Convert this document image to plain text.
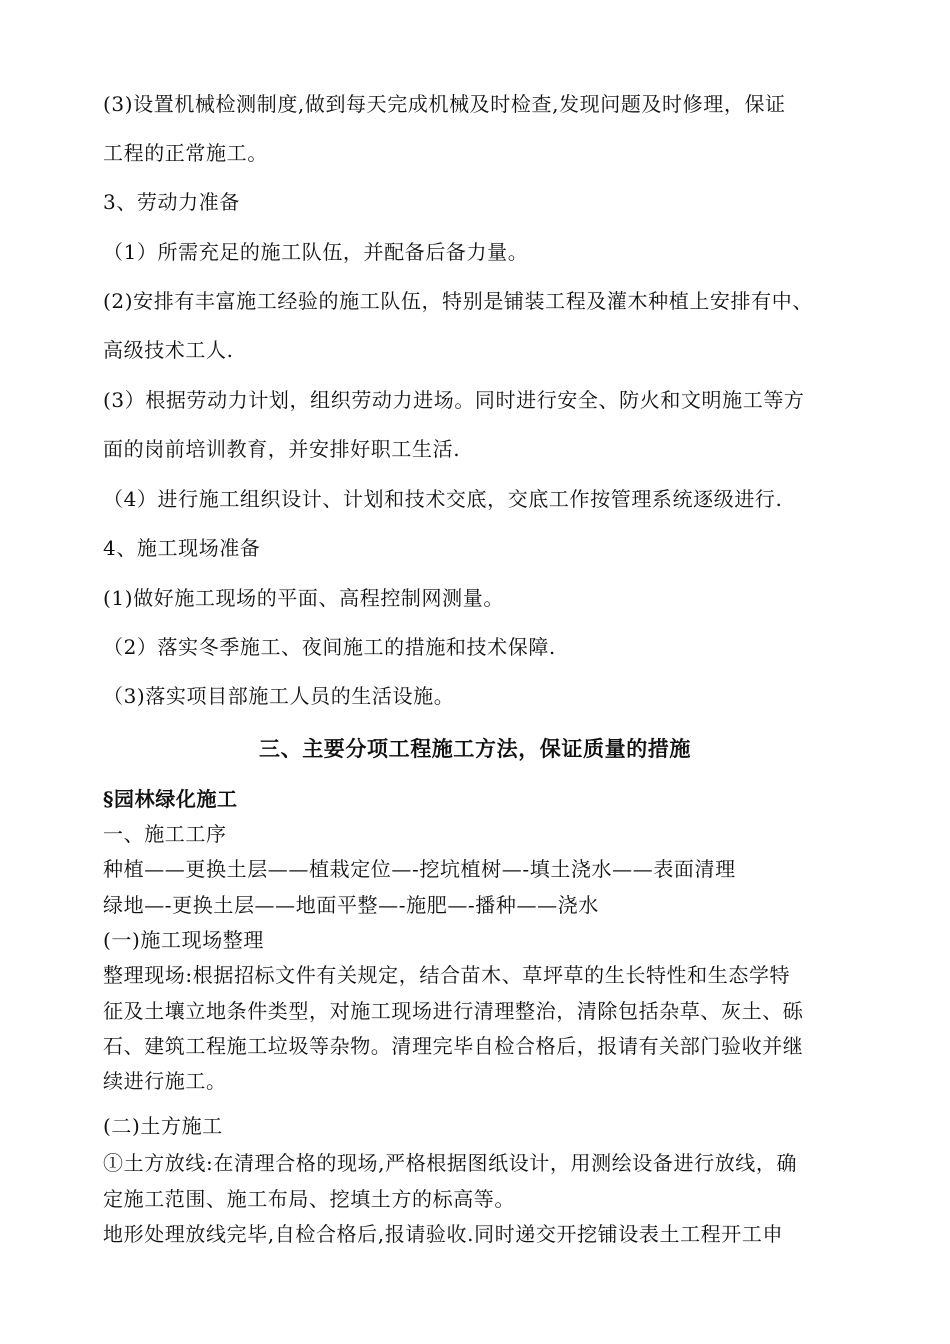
(3)设置机械检测制度,做到每天完成机械及时检查,发现问题及时修理，保证
工程的正常施工。
3、劳动力准备
（1）所需充足的施工队伍，并配备后备力量。
(2)安排有丰富施工经验的施工队伍，特别是铺装工程及灌木种植上安排有中、
高级技术工人.
(3）根据劳动力计划，组织劳动力进场。同时进行安全、防火和文明施工等方
面的岗前培训教育，并安排好职工生活.
（4）进行施工组织设计、计划和技术交底，交底工作按管理系统逐级进行.
4、施工现场准备
(1)做好施工现场的平面、高程控制网测量。
（2）落实冬季施工、夜间施工的措施和技术保障.
（3)落实项目部施工人员的生活设施。
三、主要分项工程施工方法，保证质量的措施
§园林绿化施工
一、施工工序
种植——更换土层——植栽定位—-挖坑植树—-填土浇水——表面清理
绿地—-更换土层——地面平整—-施肥—-播种——浇水
(一)施工现场整理
整理现场:根据招标文件有关规定，结合苗木、草坪草的生长特性和生态学特
征及土壤立地条件类型，对施工现场进行清理整治，清除包括杂草、灰土、砾
石、建筑工程施工垃圾等杂物。清理完毕自检合格后，报请有关部门验收并继
续进行施工。
(二)土方施工
①土方放线:在清理合格的现场,严格根据图纸设计，用测绘设备进行放线，确
定施工范围、施工布局、挖填土方的标高等。
地形处理放线完毕,自检合格后,报请验收.同时递交开挖铺设表土工程开工申
